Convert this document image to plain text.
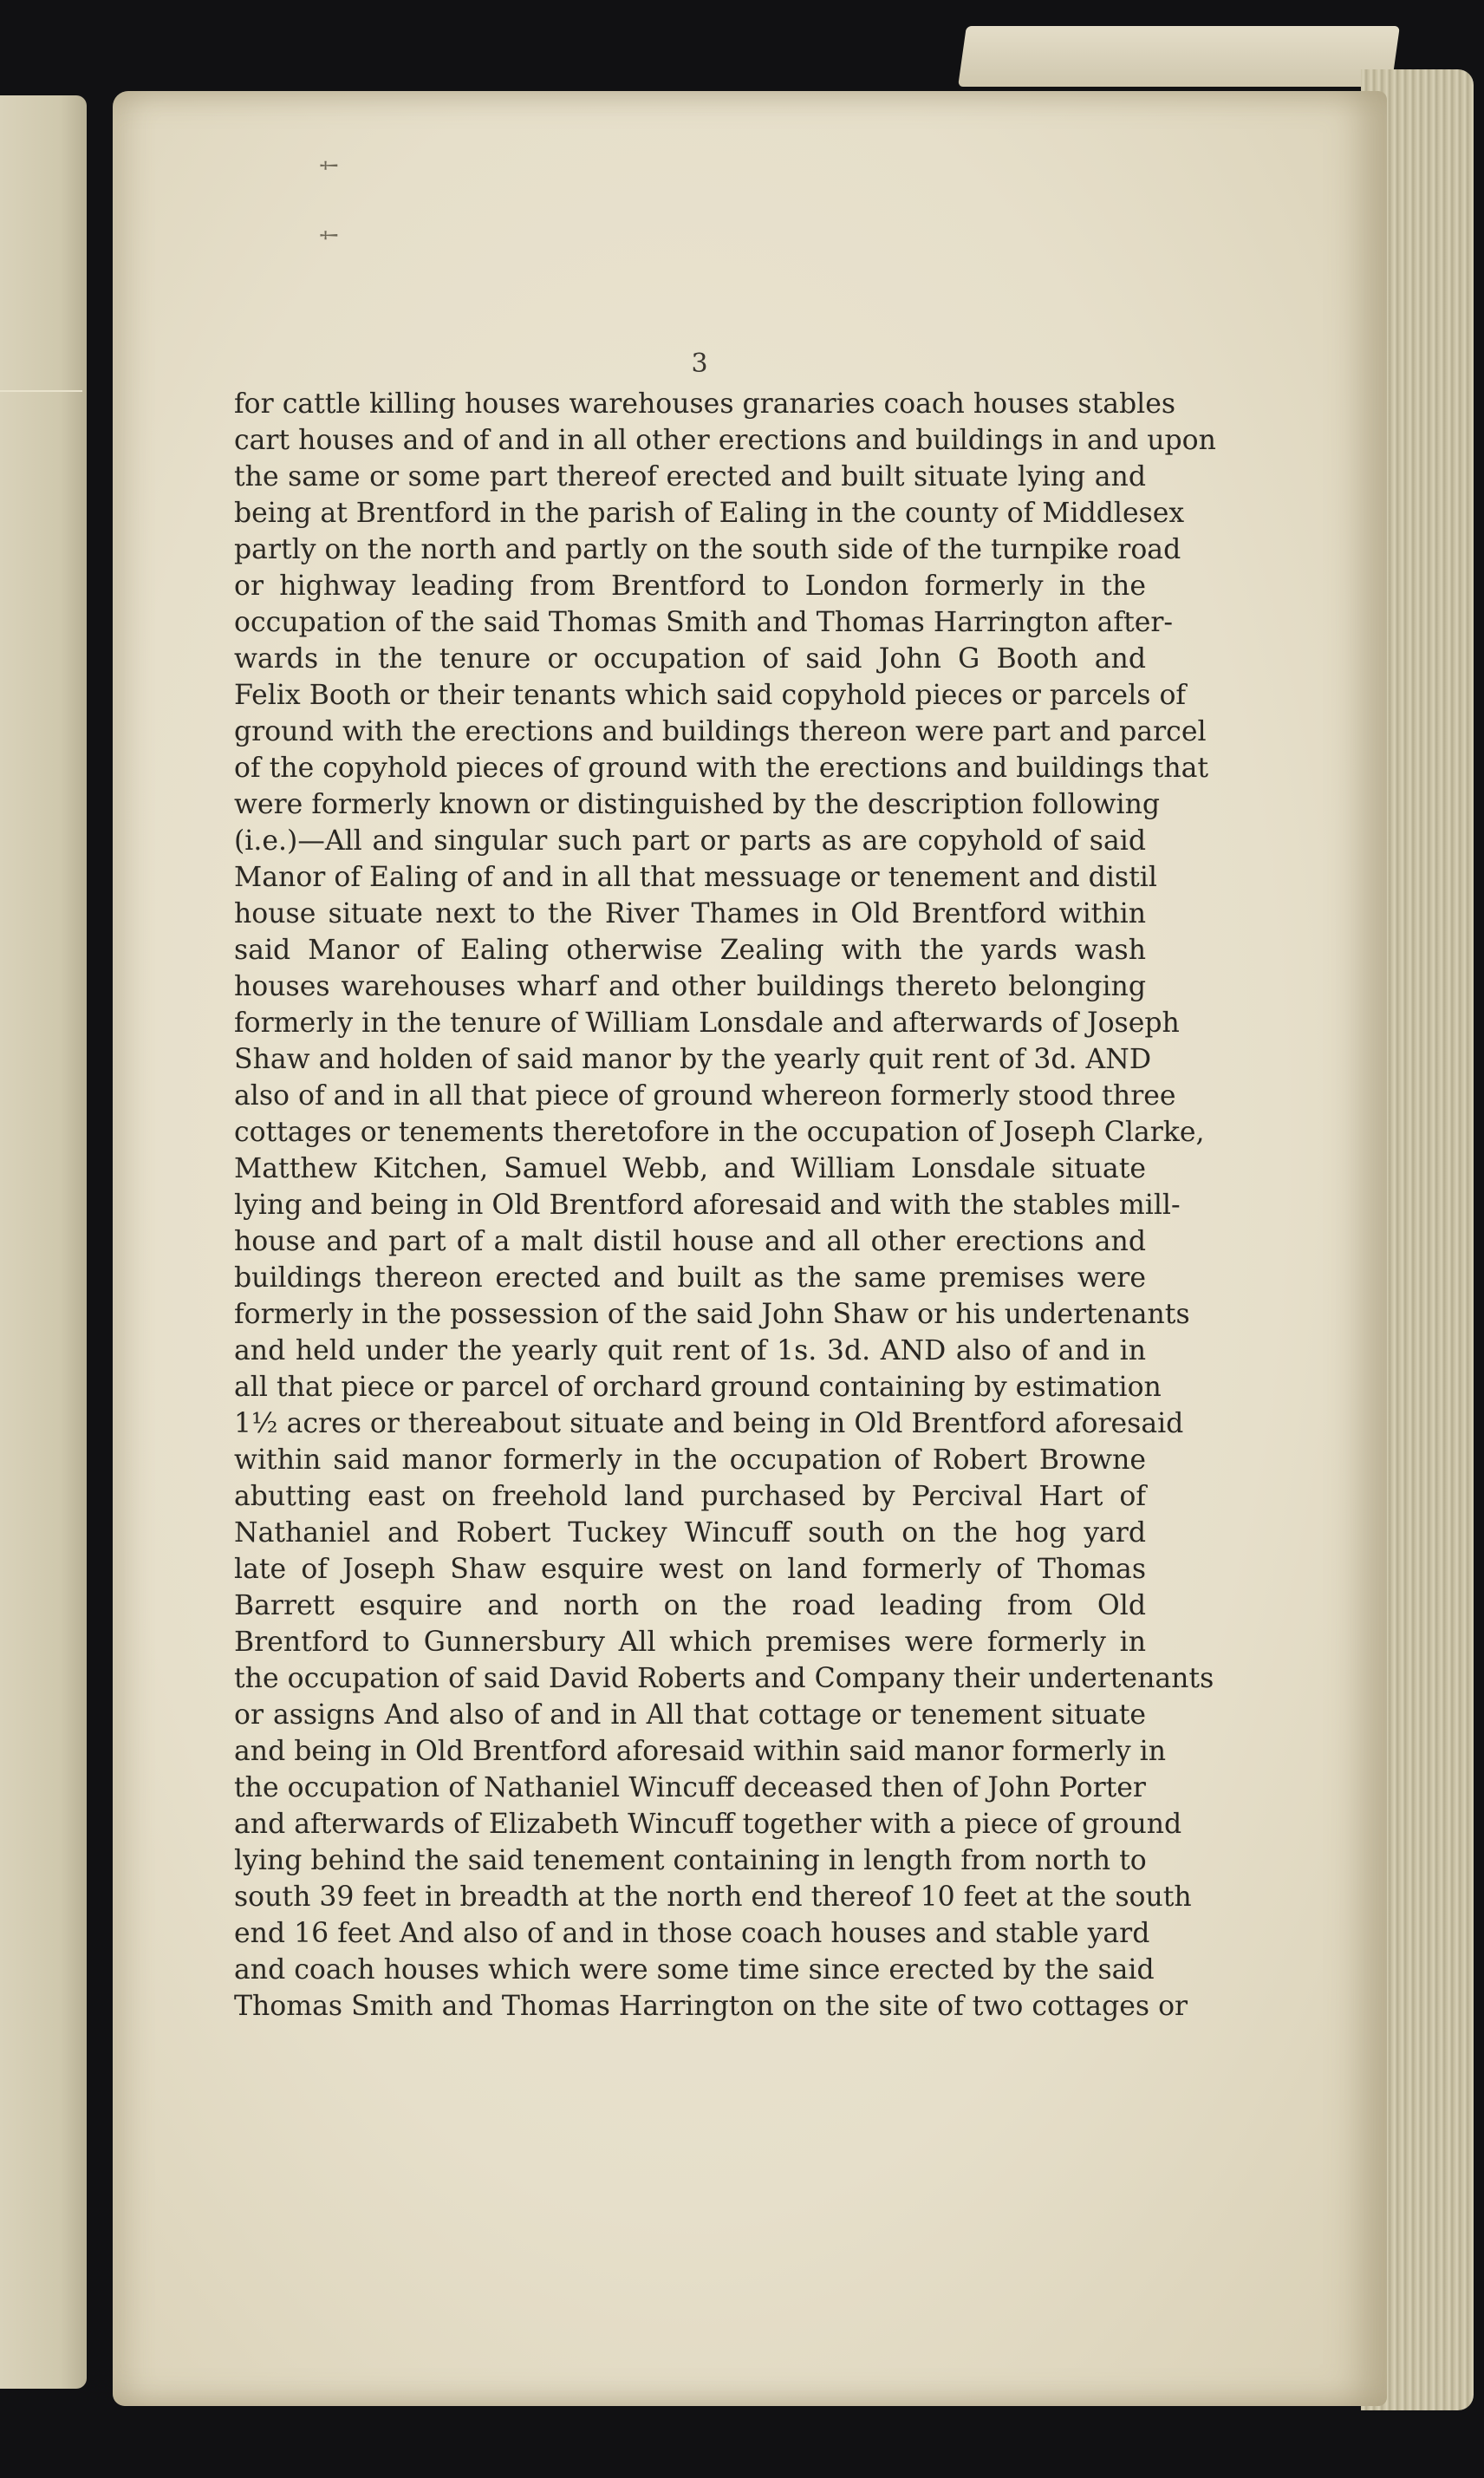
⸸ ⸸
3
for cattle killing houses warehouses granaries coach houses stables
cart houses and of and in all other erections and buildings in and upon
the same or some part thereof erected and built situate lying and
being at Brentford in the parish of Ealing in the county of Middlesex
partly on the north and partly on the south side of the turnpike road
or highway leading from Brentford to London formerly in the
occupation of the said Thomas Smith and Thomas Harrington after-
wards in the tenure or occupation of said John G Booth and
Felix Booth or their tenants which said copyhold pieces or parcels of
ground with the erections and buildings thereon were part and parcel
of the copyhold pieces of ground with the erections and buildings that
were formerly known or distinguished by the description following
(i.e.)—All and singular such part or parts as are copyhold of said
Manor of Ealing of and in all that messuage or tenement and distil
house situate next to the River Thames in Old Brentford within
said Manor of Ealing otherwise Zealing with the yards wash
houses warehouses wharf and other buildings thereto belonging
formerly in the tenure of William Lonsdale and afterwards of Joseph
Shaw and holden of said manor by the yearly quit rent of 3d. AND
also of and in all that piece of ground whereon formerly stood three
cottages or tenements theretofore in the occupation of Joseph Clarke,
Matthew Kitchen, Samuel Webb, and William Lonsdale situate
lying and being in Old Brentford aforesaid and with the stables mill-
house and part of a malt distil house and all other erections and
buildings thereon erected and built as the same premises were
formerly in the possession of the said John Shaw or his undertenants
and held under the yearly quit rent of 1s. 3d. AND also of and in
all that piece or parcel of orchard ground containing by estimation
1½ acres or thereabout situate and being in Old Brentford aforesaid
within said manor formerly in the occupation of Robert Browne
abutting east on freehold land purchased by Percival Hart of
Nathaniel and Robert Tuckey Wincuff south on the hog yard
late of Joseph Shaw esquire west on land formerly of Thomas
Barrett esquire and north on the road leading from Old
Brentford to Gunnersbury All which premises were formerly in
the occupation of said David Roberts and Company their undertenants
or assigns And also of and in All that cottage or tenement situate
and being in Old Brentford aforesaid within said manor formerly in
the occupation of Nathaniel Wincuff deceased then of John Porter
and afterwards of Elizabeth Wincuff together with a piece of ground
lying behind the said tenement containing in length from north to
south 39 feet in breadth at the north end thereof 10 feet at the south
end 16 feet And also of and in those coach houses and stable yard
and coach houses which were some time since erected by the said
Thomas Smith and Thomas Harrington on the site of two cottages or
